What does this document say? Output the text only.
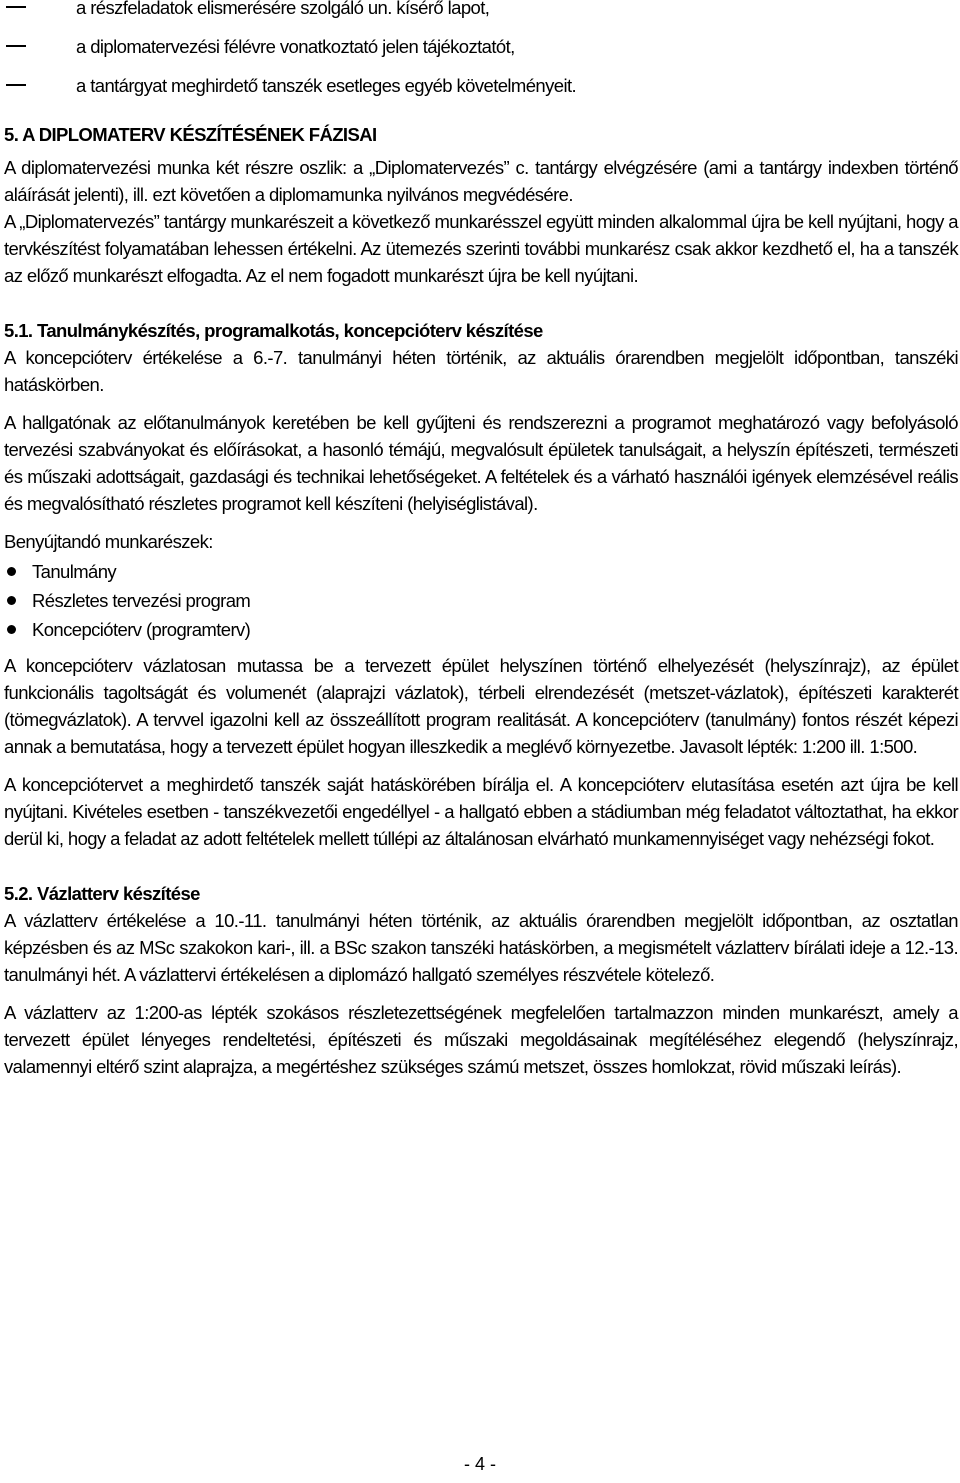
a részfeladatok elismerésére szolgáló un. kísérő lapot,
a diplomatervezési félévre vonatkoztató jelen tájékoztatót,
a tantárgyat meghirdető tanszék esetleges egyéb követelményeit.
5. A DIPLOMATERV KÉSZÍTÉSÉNEK FÁZISAI

A diplomatervezési munka két részre oszlik: a „Diplomatervezés” c. tantárgy elvégzésére (ami a tantárgy indexben történő aláírását jelenti), ill. ezt követően a diplomamunka nyilvános megvédésére.

A „Diplomatervezés” tantárgy munkarészeit a következő munkarésszel együtt minden alkalommal újra be kell nyújtani, hogy a tervkészítést folyamatában lehessen értékelni. Az ütemezés szerinti további munkarész csak akkor kezdhető el, ha a tanszék az előző munkarészt elfogadta. Az el nem fogadott munkarészt újra be kell nyújtani.

5.1. Tanulmánykészítés, programalkotás, koncepcióterv készítése

A koncepcióterv értékelése a 6.-7. tanulmányi héten történik, az aktuális órarendben megjelölt időpontban, tanszéki hatáskörben.

A hallgatónak az előtanulmányok keretében be kell gyűjteni és rendszerezni a programot meghatározó vagy befolyásoló tervezési szabványokat és előírásokat, a hasonló témájú, megvalósult épületek tanulságait, a helyszín építészeti, természeti és műszaki adottságait, gazdasági és technikai lehetőségeket. A feltételek és a várható használói igények elemzésével reális és megvalósítható részletes programot kell készíteni (helyiséglistával).

Benyújtandó munkarészek:

Tanulmány
Részletes tervezési program
Koncepcióterv (programterv)

A koncepcióterv vázlatosan mutassa be a tervezett épület helyszínen történő elhelyezését (helyszínrajz), az épület funkcionális tagoltságát és volumenét (alaprajzi vázlatok), térbeli elrendezését (metszet-vázlatok), építészeti karakterét (tömegvázlatok). A tervvel igazolni kell az összeállított program realitását. A koncepcióterv (tanulmány) fontos részét képezi annak a bemutatása, hogy a tervezett épület hogyan illeszkedik a meglévő környezetbe. Javasolt lépték: 1:200 ill. 1:500.

A koncepciótervet a meghirdető tanszék saját hatáskörében bírálja el. A koncepcióterv elutasítása esetén azt újra be kell nyújtani. Kivételes esetben - tanszékvezetői engedéllyel - a hallgató ebben a stádiumban még feladatot változtathat, ha ekkor derül ki, hogy a feladat az adott feltételek mellett túllépi az általánosan elvárható munkamennyiséget vagy nehézségi fokot.

5.2. Vázlatterv készítése

A vázlatterv értékelése a 10.-11. tanulmányi héten történik, az aktuális órarendben megjelölt időpontban, az osztatlan képzésben és az MSc szakokon kari-, ill. a BSc szakon tanszéki hatáskörben, a megismételt vázlatterv bírálati ideje a 12.-13. tanulmányi hét. A vázlattervi értékelésen a diplomázó hallgató személyes részvétele kötelező.

A vázlatterv az 1:200-as lépték szokásos részletezettségének megfelelően tartalmazzon minden munkarészt, amely a tervezett épület lényeges rendeltetési, építészeti és műszaki megoldásainak megítéléséhez elegendő (helyszínrajz, valamennyi eltérő szint alaprajza, a megértéshez szükséges számú metszet, összes homlokzat, rövid műszaki leírás).

- 4 -
